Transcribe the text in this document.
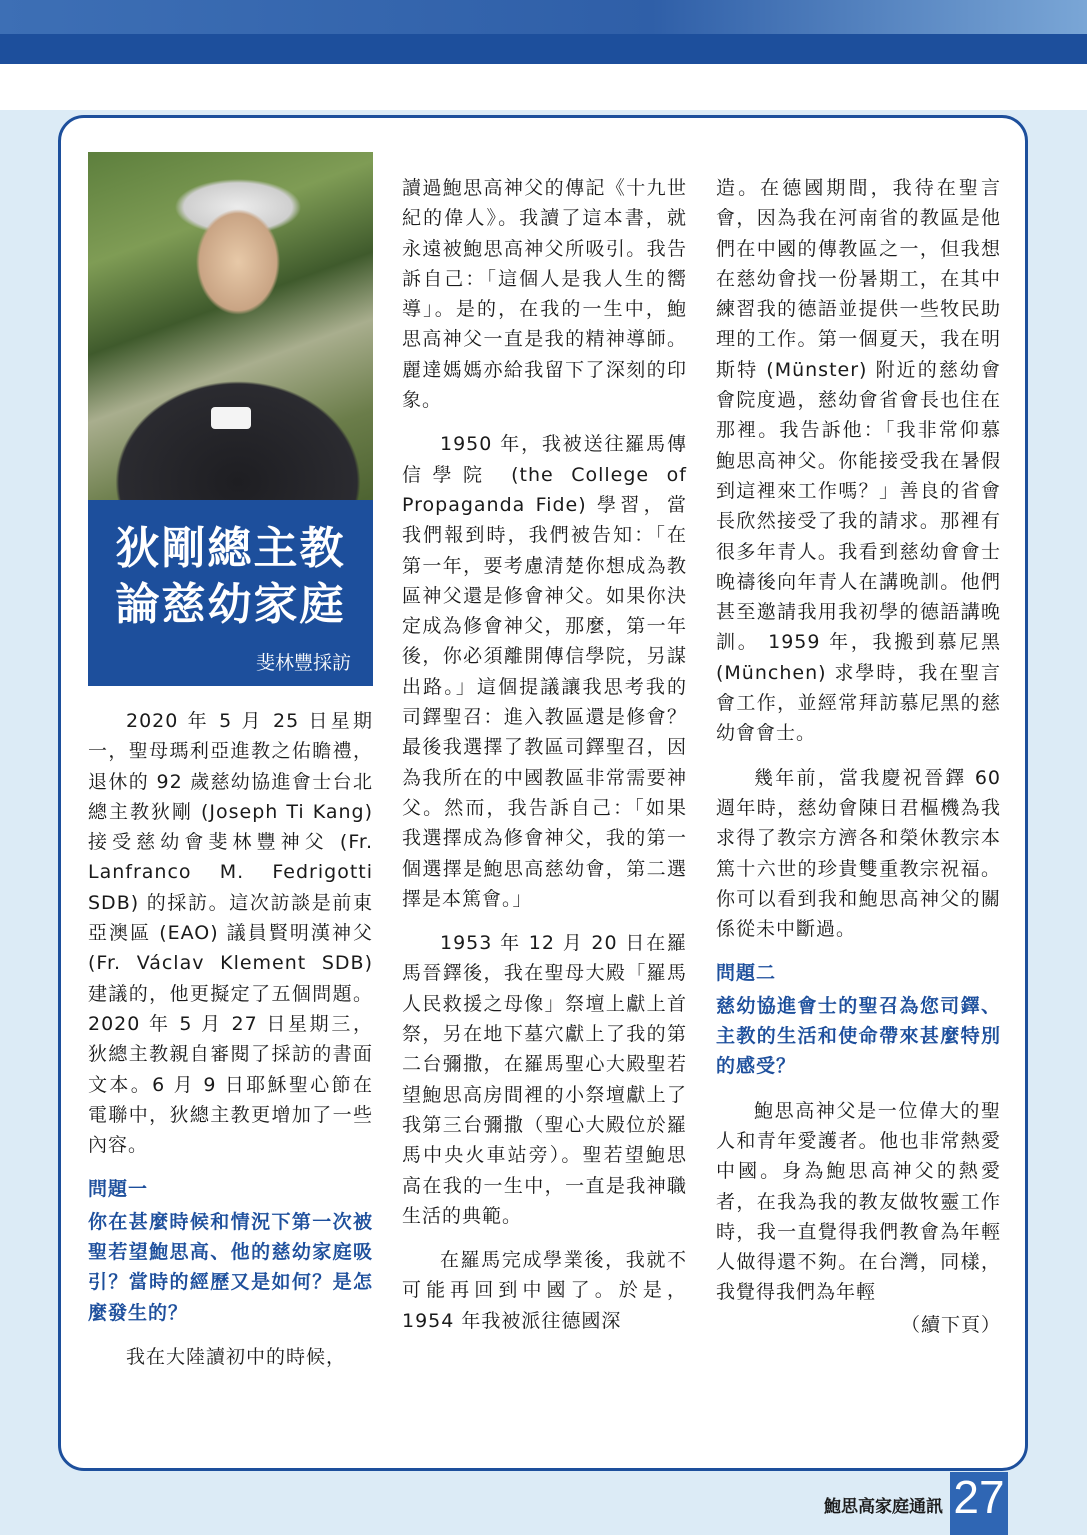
狄剛總主教
論慈幼家庭
斐林豐採訪

2020 年 5 月 25 日星期一，聖母瑪利亞進教之佑瞻禮，退休的 92 歲慈幼協進會士台北總主教狄剛 (Joseph Ti Kang) 接受慈幼會斐林豐神父 (Fr. Lanfranco M. Fedrigotti SDB) 的採訪。這次訪談是前東亞澳區 (EAO) 議員賢明漢神父 (Fr. Václav Klement SDB) 建議的，他更擬定了五個問題。2020 年 5 月 27 日星期三，狄總主教親自審閱了採訪的書面文本。6 月 9 日耶穌聖心節在電聯中，狄總主教更增加了一些內容。

問題一

你在甚麼時候和情況下第一次被聖若望鮑思高、他的慈幼家庭吸引？當時的經歷又是如何？是怎麼發生的？

我在大陸讀初中的時候，

讀過鮑思高神父的傳記《十九世紀的偉人》。我讀了這本書，就永遠被鮑思高神父所吸引。我告訴自己：「這個人是我人生的嚮導」。是的，在我的一生中，鮑思高神父一直是我的精神導師。麗達媽媽亦給我留下了深刻的印象。

1950 年，我被送往羅馬傳信學院 (the College of Propaganda Fide) 學習，當我們報到時，我們被告知：「在第一年，要考慮清楚你想成為教區神父還是修會神父。如果你決定成為修會神父，那麼，第一年後，你必須離開傳信學院，另謀出路。」這個提議讓我思考我的司鐸聖召：進入教區還是修會？最後我選擇了教區司鐸聖召，因為我所在的中國教區非常需要神父。然而，我告訴自己：「如果我選擇成為修會神父，我的第一個選擇是鮑思高慈幼會，第二選擇是本篤會。」

1953 年 12 月 20 日在羅馬晉鐸後，我在聖母大殿「羅馬人民救援之母像」祭壇上獻上首祭，另在地下墓穴獻上了我的第二台彌撒，在羅馬聖心大殿聖若望鮑思高房間裡的小祭壇獻上了我第三台彌撒（聖心大殿位於羅馬中央火車站旁）。聖若望鮑思高在我的一生中，一直是我神職生活的典範。

在羅馬完成學業後，我就不可能再回到中國了。於是，1954 年我被派往德國深

造。在德國期間，我待在聖言會，因為我在河南省的教區是他們在中國的傳教區之一，但我想在慈幼會找一份暑期工，在其中練習我的德語並提供一些牧民助理的工作。第一個夏天，我在明斯特 (Münster) 附近的慈幼會會院度過，慈幼會省會長也住在那裡。我告訴他：「我非常仰慕鮑思高神父。你能接受我在暑假到這裡來工作嗎？」善良的省會長欣然接受了我的請求。那裡有很多年青人。我看到慈幼會會士晚禱後向年青人在講晚訓。他們甚至邀請我用我初學的德語講晚訓。 1959 年，我搬到慕尼黑 (München) 求學時，我在聖言會工作，並經常拜訪慕尼黑的慈幼會會士。

幾年前，當我慶祝晉鐸 60 週年時，慈幼會陳日君樞機為我求得了教宗方濟各和榮休教宗本篤十六世的珍貴雙重教宗祝福。你可以看到我和鮑思高神父的關係從未中斷過。

問題二

慈幼協進會士的聖召為您司鐸、主教的生活和使命帶來甚麼特別的感受？

鮑思高神父是一位偉大的聖人和青年愛護者。他也非常熱愛中國。身為鮑思高神父的熱愛者，在我為我的教友做牧靈工作時，我一直覺得我們教會為年輕人做得還不夠。在台灣，同樣，我覺得我們為年輕

（續下頁）

鮑思高家庭通訊 27
